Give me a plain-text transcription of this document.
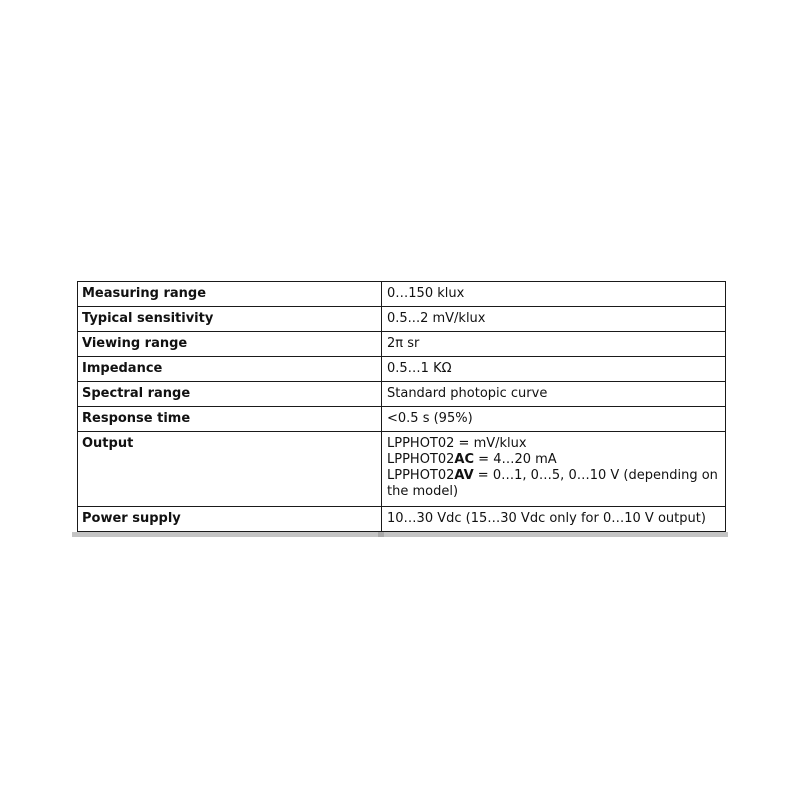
Measuring range	0…150 klux
Typical sensitivity	0.5...2 mV/klux
Viewing range	2π sr
Impedance	0.5…1 KΩ
Spectral range	Standard photopic curve
Response time	<0.5 s (95%)
Output	LPPHOT02 = mV/klux
LPPHOT02AC = 4…20 mA
LPPHOT02AV = 0…1, 0…5, 0…10 V (depending on the model)

Power supply	10…30 Vdc (15…30 Vdc only for 0…10 V output)
